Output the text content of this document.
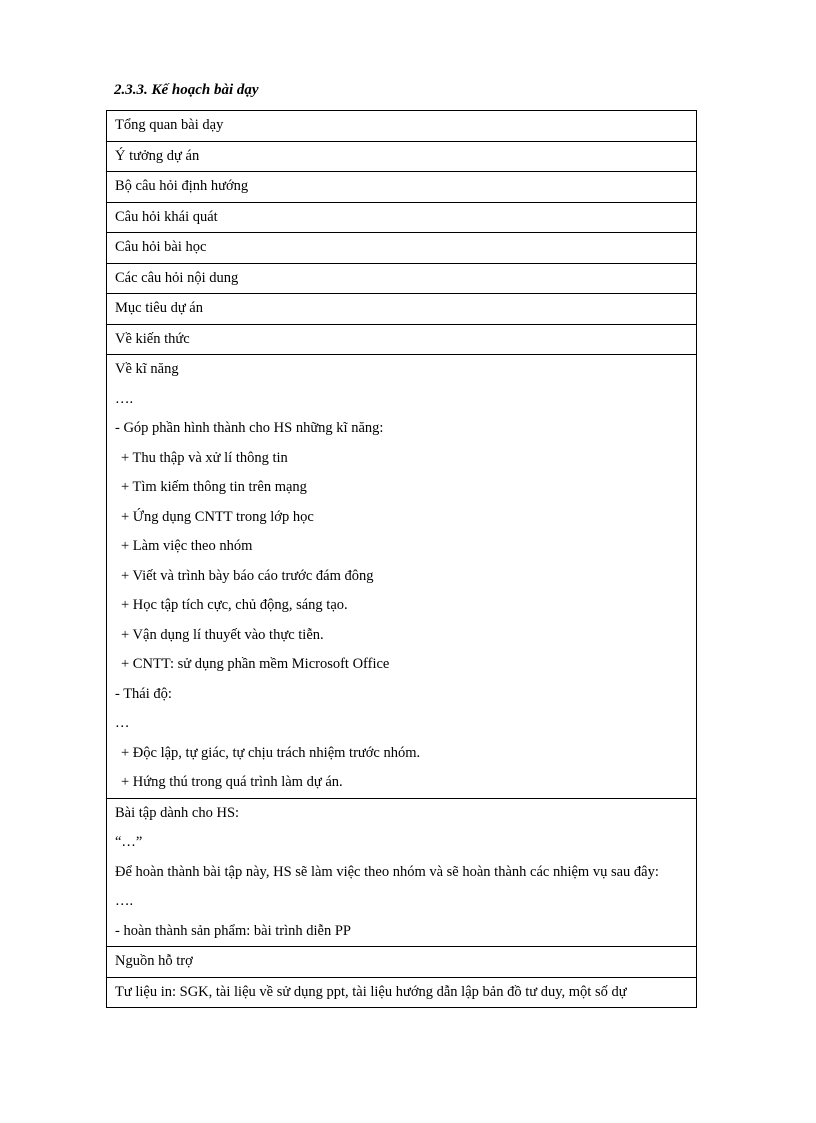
2.3.3. Kế hoạch bài dạy
Tổng quan bài dạy
Ý tưởng dự án
Bộ câu hỏi định hướng
Câu hỏi khái quát
Câu hỏi bài học
Các câu hỏi nội dung
Mục tiêu dự án
Về kiến thức

Về kĩ năng
….
- Góp phần hình thành cho HS những kĩ năng:
+ Thu thập và xử lí thông tin
+ Tìm kiếm thông tin trên mạng
+ Ứng dụng CNTT trong lớp học
+ Làm việc theo nhóm
+ Viết và trình bày báo cáo trước đám đông
+ Học tập tích cực, chủ động, sáng tạo.
+ Vận dụng lí thuyết vào thực tiễn.
+ CNTT: sử dụng phần mềm Microsoft Office
- Thái độ:
…
+ Độc lập, tự giác, tự chịu trách nhiệm trước nhóm.
+ Hứng thú trong quá trình làm dự án.

Bài tập dành cho HS:
“…”
Để hoàn thành bài tập này, HS sẽ làm việc theo nhóm và sẽ hoàn thành các nhiệm vụ sau đây:
….
- hoàn thành sản phẩm: bài trình diễn PP

Nguồn hỗ trợ

Tư liệu in: SGK, tài liệu về sử dụng ppt, tài liệu hướng dẫn lập bản đồ tư duy, một số dự
